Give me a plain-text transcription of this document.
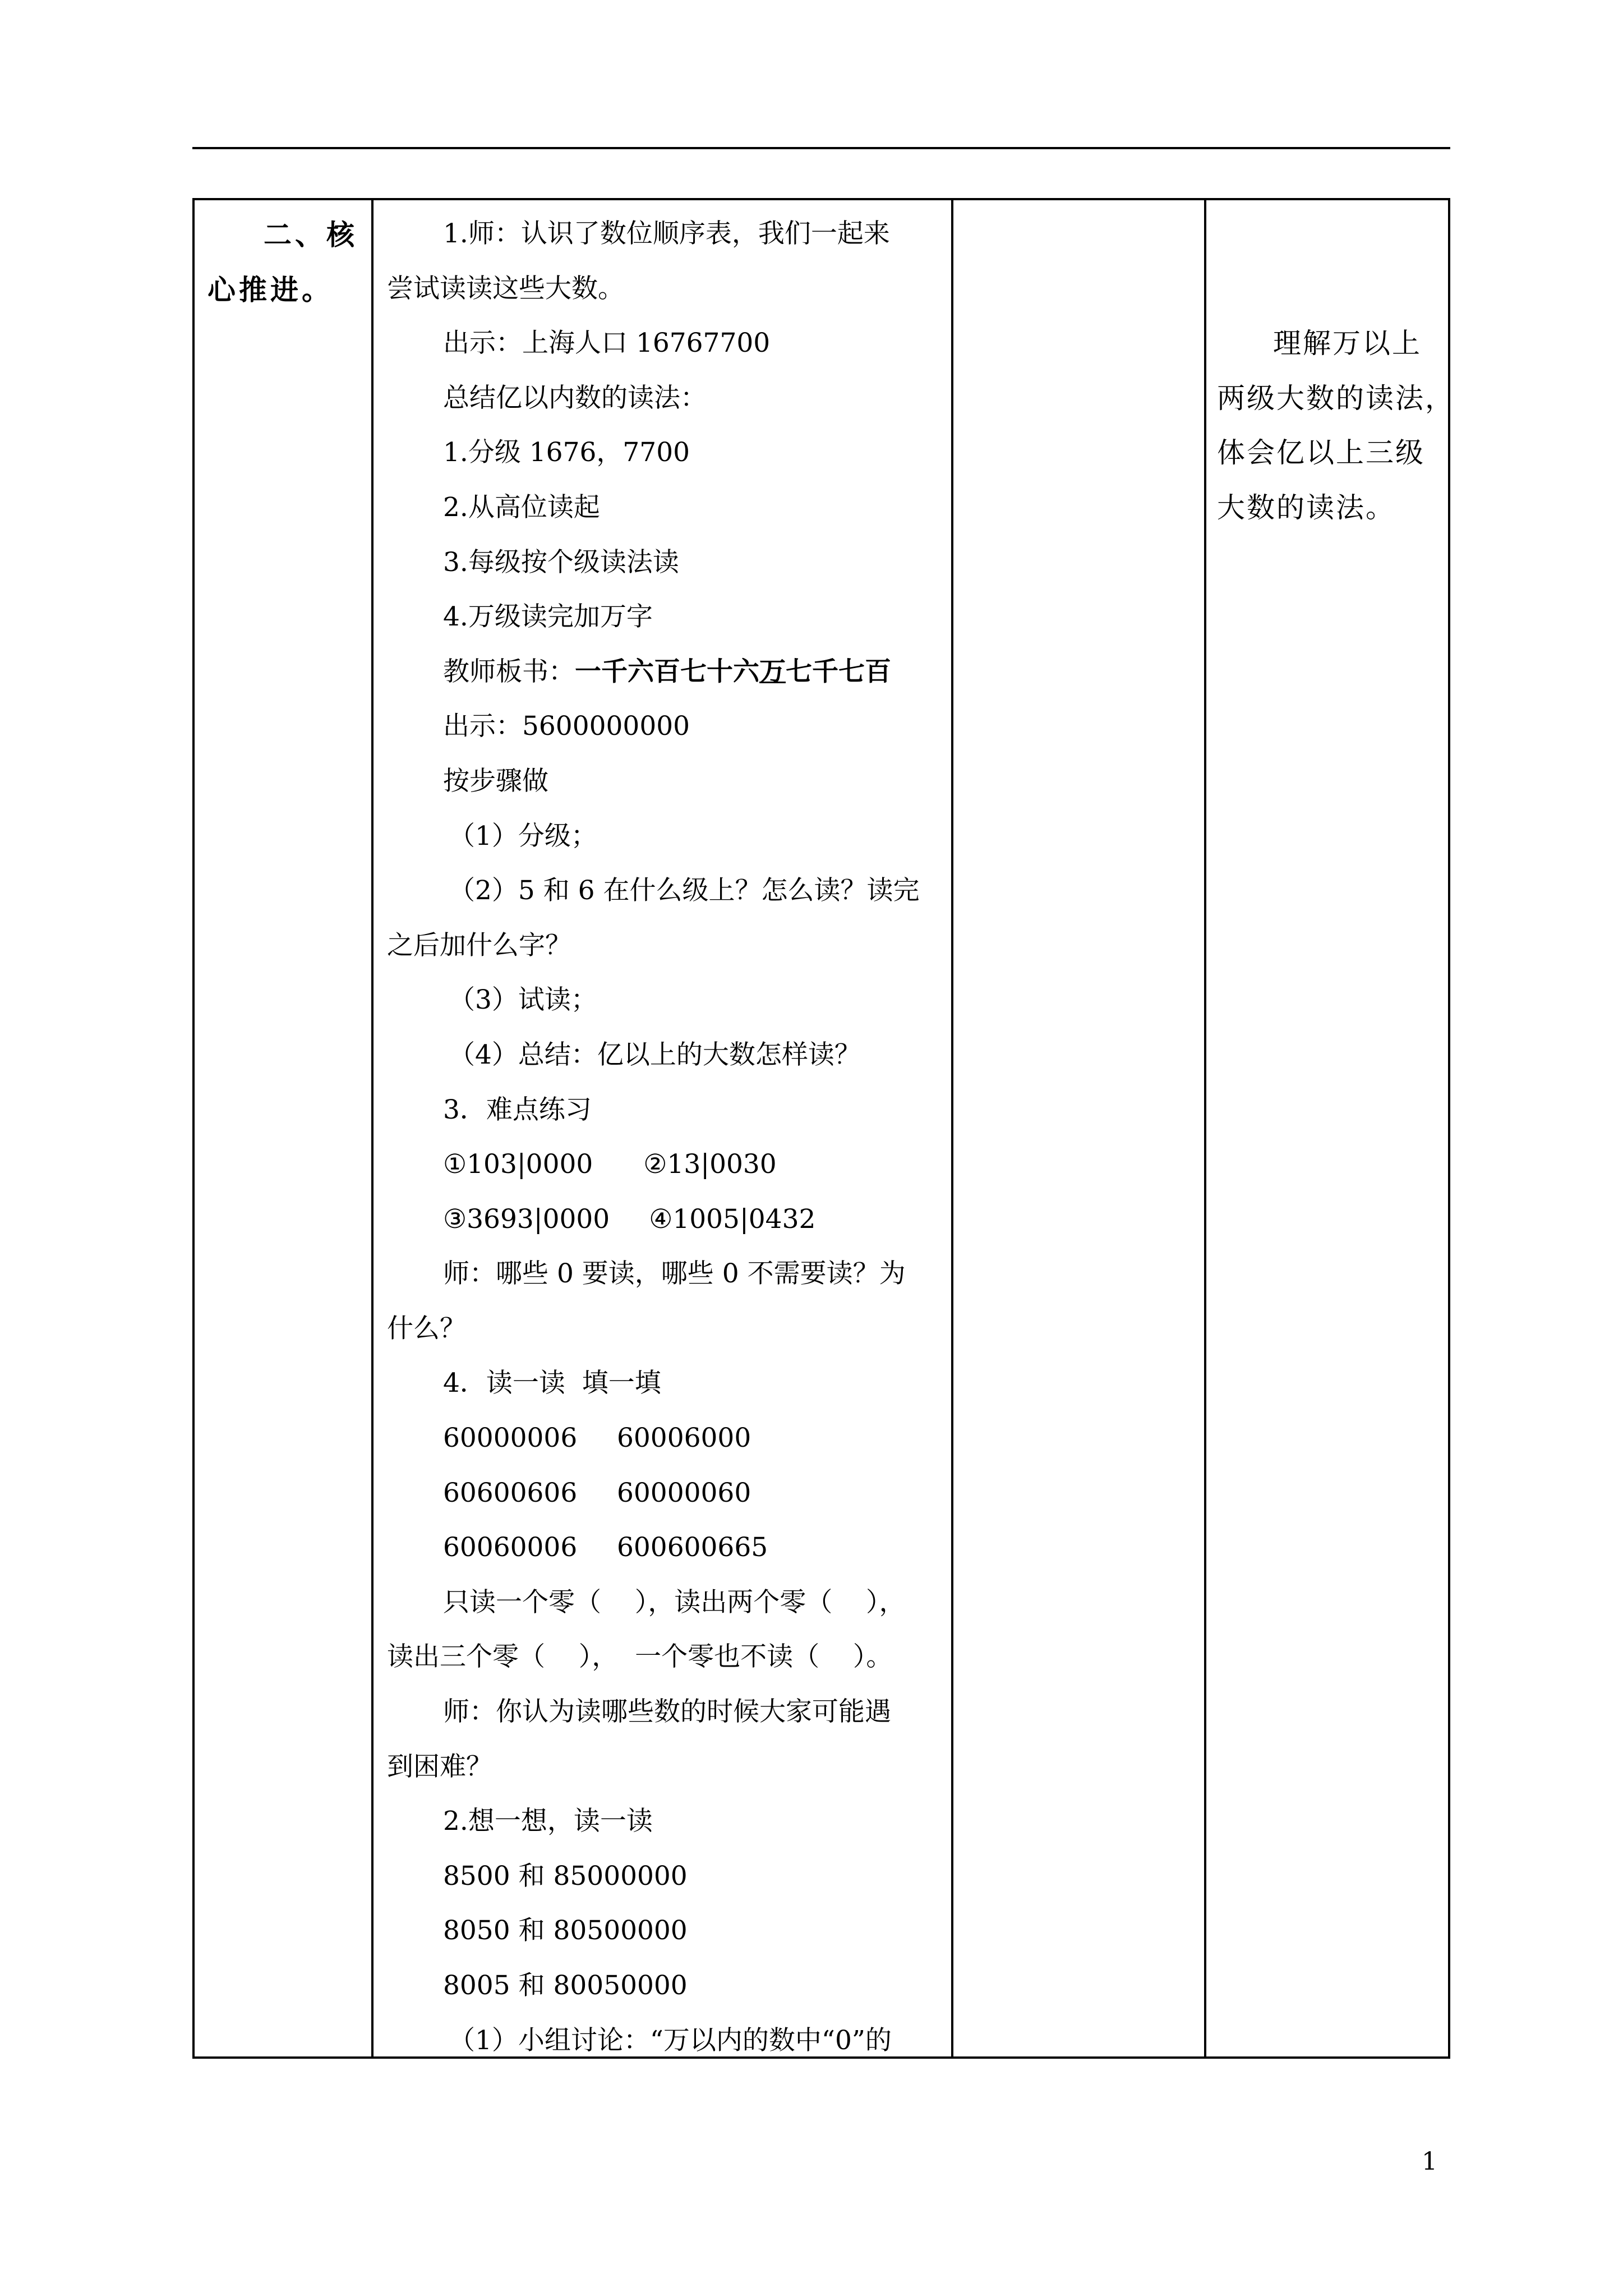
二、核
心推进。
1.师：认识了数位顺序表，我们一起来
尝试读读这些大数。
出示：上海人口 16767700
总结亿以内数的读法：
1.分级 1676，7700
2.从高位读起
3.每级按个级读法读
4.万级读完加万字
教师板书：一千六百七十六万七千七百
出示：5600000000
按步骤做
（1）分级；
（2）5 和 6 在什么级上？怎么读？读完
之后加什么字？
（3）试读；
（4）总结：亿以上的大数怎样读？
3．难点练习
①103|0000 ②13|0030
③3693|0000 ④1005|0432
师：哪些 0 要读，哪些 0 不需要读？为
什么？
4．读一读  填一填
60000006 60006000
60600606 60000060
60060006 600600665
只读一个零（    ），读出两个零（    ），
读出三个零（    ），  一个零也不读（    ）。
师：你认为读哪些数的时候大家可能遇
到困难？
2.想一想，读一读
8500 和 85000000
8050 和 80500000
8005 和 80050000
（1）小组讨论：“万以内的数中“0”的
理解万以上
两级大数的读法，
体会亿以上三级
大数的读法。
1
